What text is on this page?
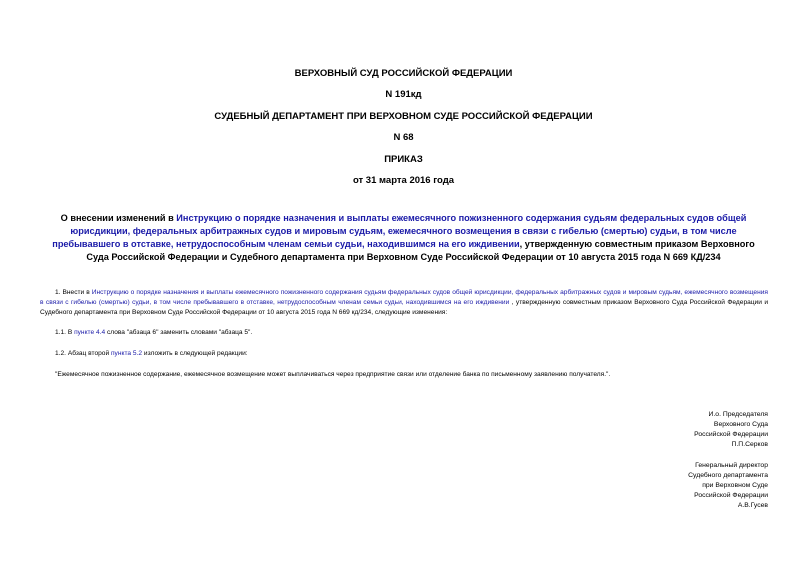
ВЕРХОВНЫЙ СУД РОССИЙСКОЙ ФЕДЕРАЦИИ

N 191кд

СУДЕБНЫЙ ДЕПАРТАМЕНТ ПРИ ВЕРХОВНОМ СУДЕ РОССИЙСКОЙ ФЕДЕРАЦИИ

N 68

ПРИКАЗ

от 31 марта 2016 года

О внесении изменений в Инструкцию о порядке назначения и выплаты ежемесячного пожизненного содержания судьям федеральных судов общей юрисдикции, федеральных арбитражных судов и мировым судьям, ежемесячного возмещения в связи с гибелью (смертью) судьи, в том числе пребывавшего в отставке, нетрудоспособным членам семьи судьи, находившимся на его иждивении, утвержденную совместным приказом Верховного Суда Российской Федерации и Судебного департамента при Верховном Суде Российской Федерации от 10 августа 2015 года N 669 КД/234

1. Внести в Инструкцию о порядке назначения и выплаты ежемесячного пожизненного содержания судьям федеральных судов общей юрисдикции, федеральных арбитражных судов и мировым судьям, ежемесячного возмещения в связи с гибелью (смертью) судьи, в том числе пребывавшего в отставке, нетрудоспособным членам семьи судьи, находившимся на его иждивении , утвержденную совместным приказом Верховного Суда Российской Федерации и Судебного департамента при Верховном Суде Российской Федерации от 10 августа 2015 года N 669 кд/234, следующие изменения:

1.1. В пункте 4.4 слова "абзаца 6" заменить словами "абзаца 5".

1.2. Абзац второй пункта 5.2 изложить в следующей редакции:

"Ежемесячное пожизненное содержание, ежемесячное возмещение может выплачиваться через предприятие связи или отделение банка по письменному заявлению получателя.".

И.о. Председателя
Верховного Суда
Российской Федерации
П.П.Серков
Генеральный директор
Судебного департамента
при Верховном Суде
Российской Федерации
А.В.Гусев
